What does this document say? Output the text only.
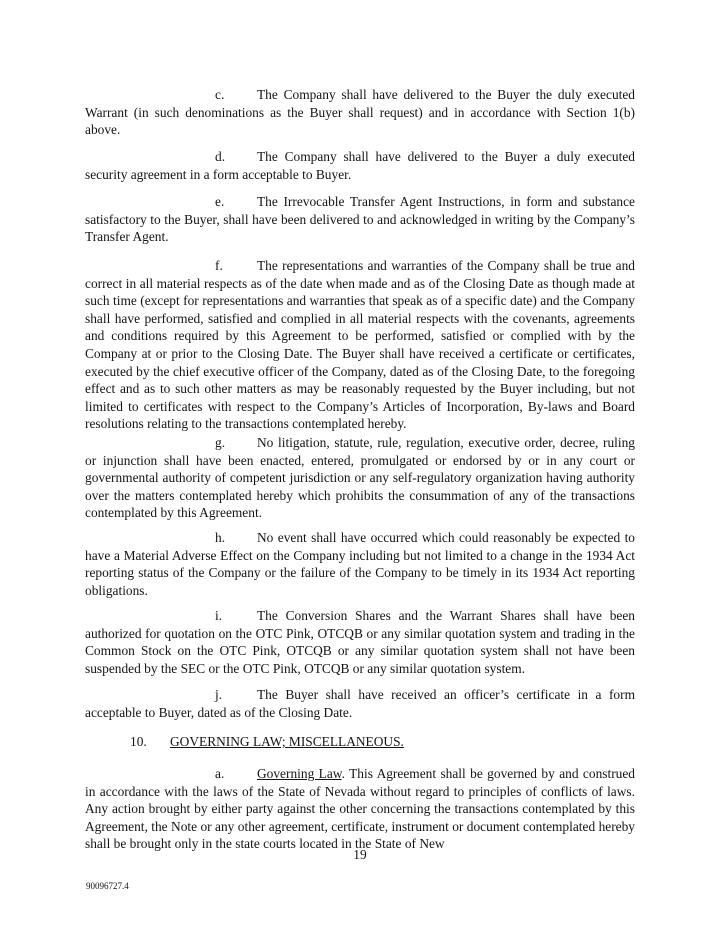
c. The Company shall have delivered to the Buyer the duly executed Warrant (in such denominations as the Buyer shall request) and in accordance with Section 1(b) above.
d. The Company shall have delivered to the Buyer a duly executed security agreement in a form acceptable to Buyer.
e. The Irrevocable Transfer Agent Instructions, in form and substance satisfactory to the Buyer, shall have been delivered to and acknowledged in writing by the Company’s Transfer Agent.
f.	The representations and warranties of the Company shall be true and correct in all material respects as of the date when made and as of the Closing Date as though made at such time (except for representations and warranties that speak as of a specific date) and the Company shall have performed, satisfied and complied in all material respects with the covenants, agreements and conditions required by this Agreement to be performed, satisfied or complied with by the Company at or prior to the Closing Date. The Buyer shall have received a certificate or certificates, executed by the chief executive officer of the Company, dated as of the Closing Date, to the foregoing effect and as to such other matters as may be reasonably requested by the Buyer including, but not limited to certificates with respect to the Company’s Articles of Incorporation, By-laws and Board resolutions relating to the transactions contemplated hereby.
g. No litigation, statute, rule, regulation, executive order, decree, ruling or injunction shall have been enacted, entered, promulgated or endorsed by or in any court or governmental authority of competent jurisdiction or any self-regulatory organization having authority over the matters contemplated hereby which prohibits the consummation of any of the transactions contemplated by this Agreement.
h. No event shall have occurred which could reasonably be expected to have a Material Adverse Effect on the Company including but not limited to a change in the 1934 Act reporting status of the Company or the failure of the Company to be timely in its 1934 Act reporting obligations.
i.	The Conversion Shares and the Warrant Shares shall have been authorized for quotation on the OTC Pink, OTCQB or any similar quotation system and trading in the Common Stock on the OTC Pink, OTCQB or any similar quotation system shall not have been suspended by the SEC or the OTC Pink, OTCQB or any similar quotation system.
j.	The Buyer shall have received an officer’s certificate in a form acceptable to Buyer, dated as of the Closing Date.
10. GOVERNING LAW; MISCELLANEOUS.
a. Governing Law. This Agreement shall be governed by and construed in accordance with the laws of the State of Nevada without regard to principles of conflicts of laws. Any action brought by either party against the other concerning the transactions contemplated by this Agreement, the Note or any other agreement, certificate, instrument or document contemplated hereby shall be brought only in the state courts located in the State of New
19
90096727.4
